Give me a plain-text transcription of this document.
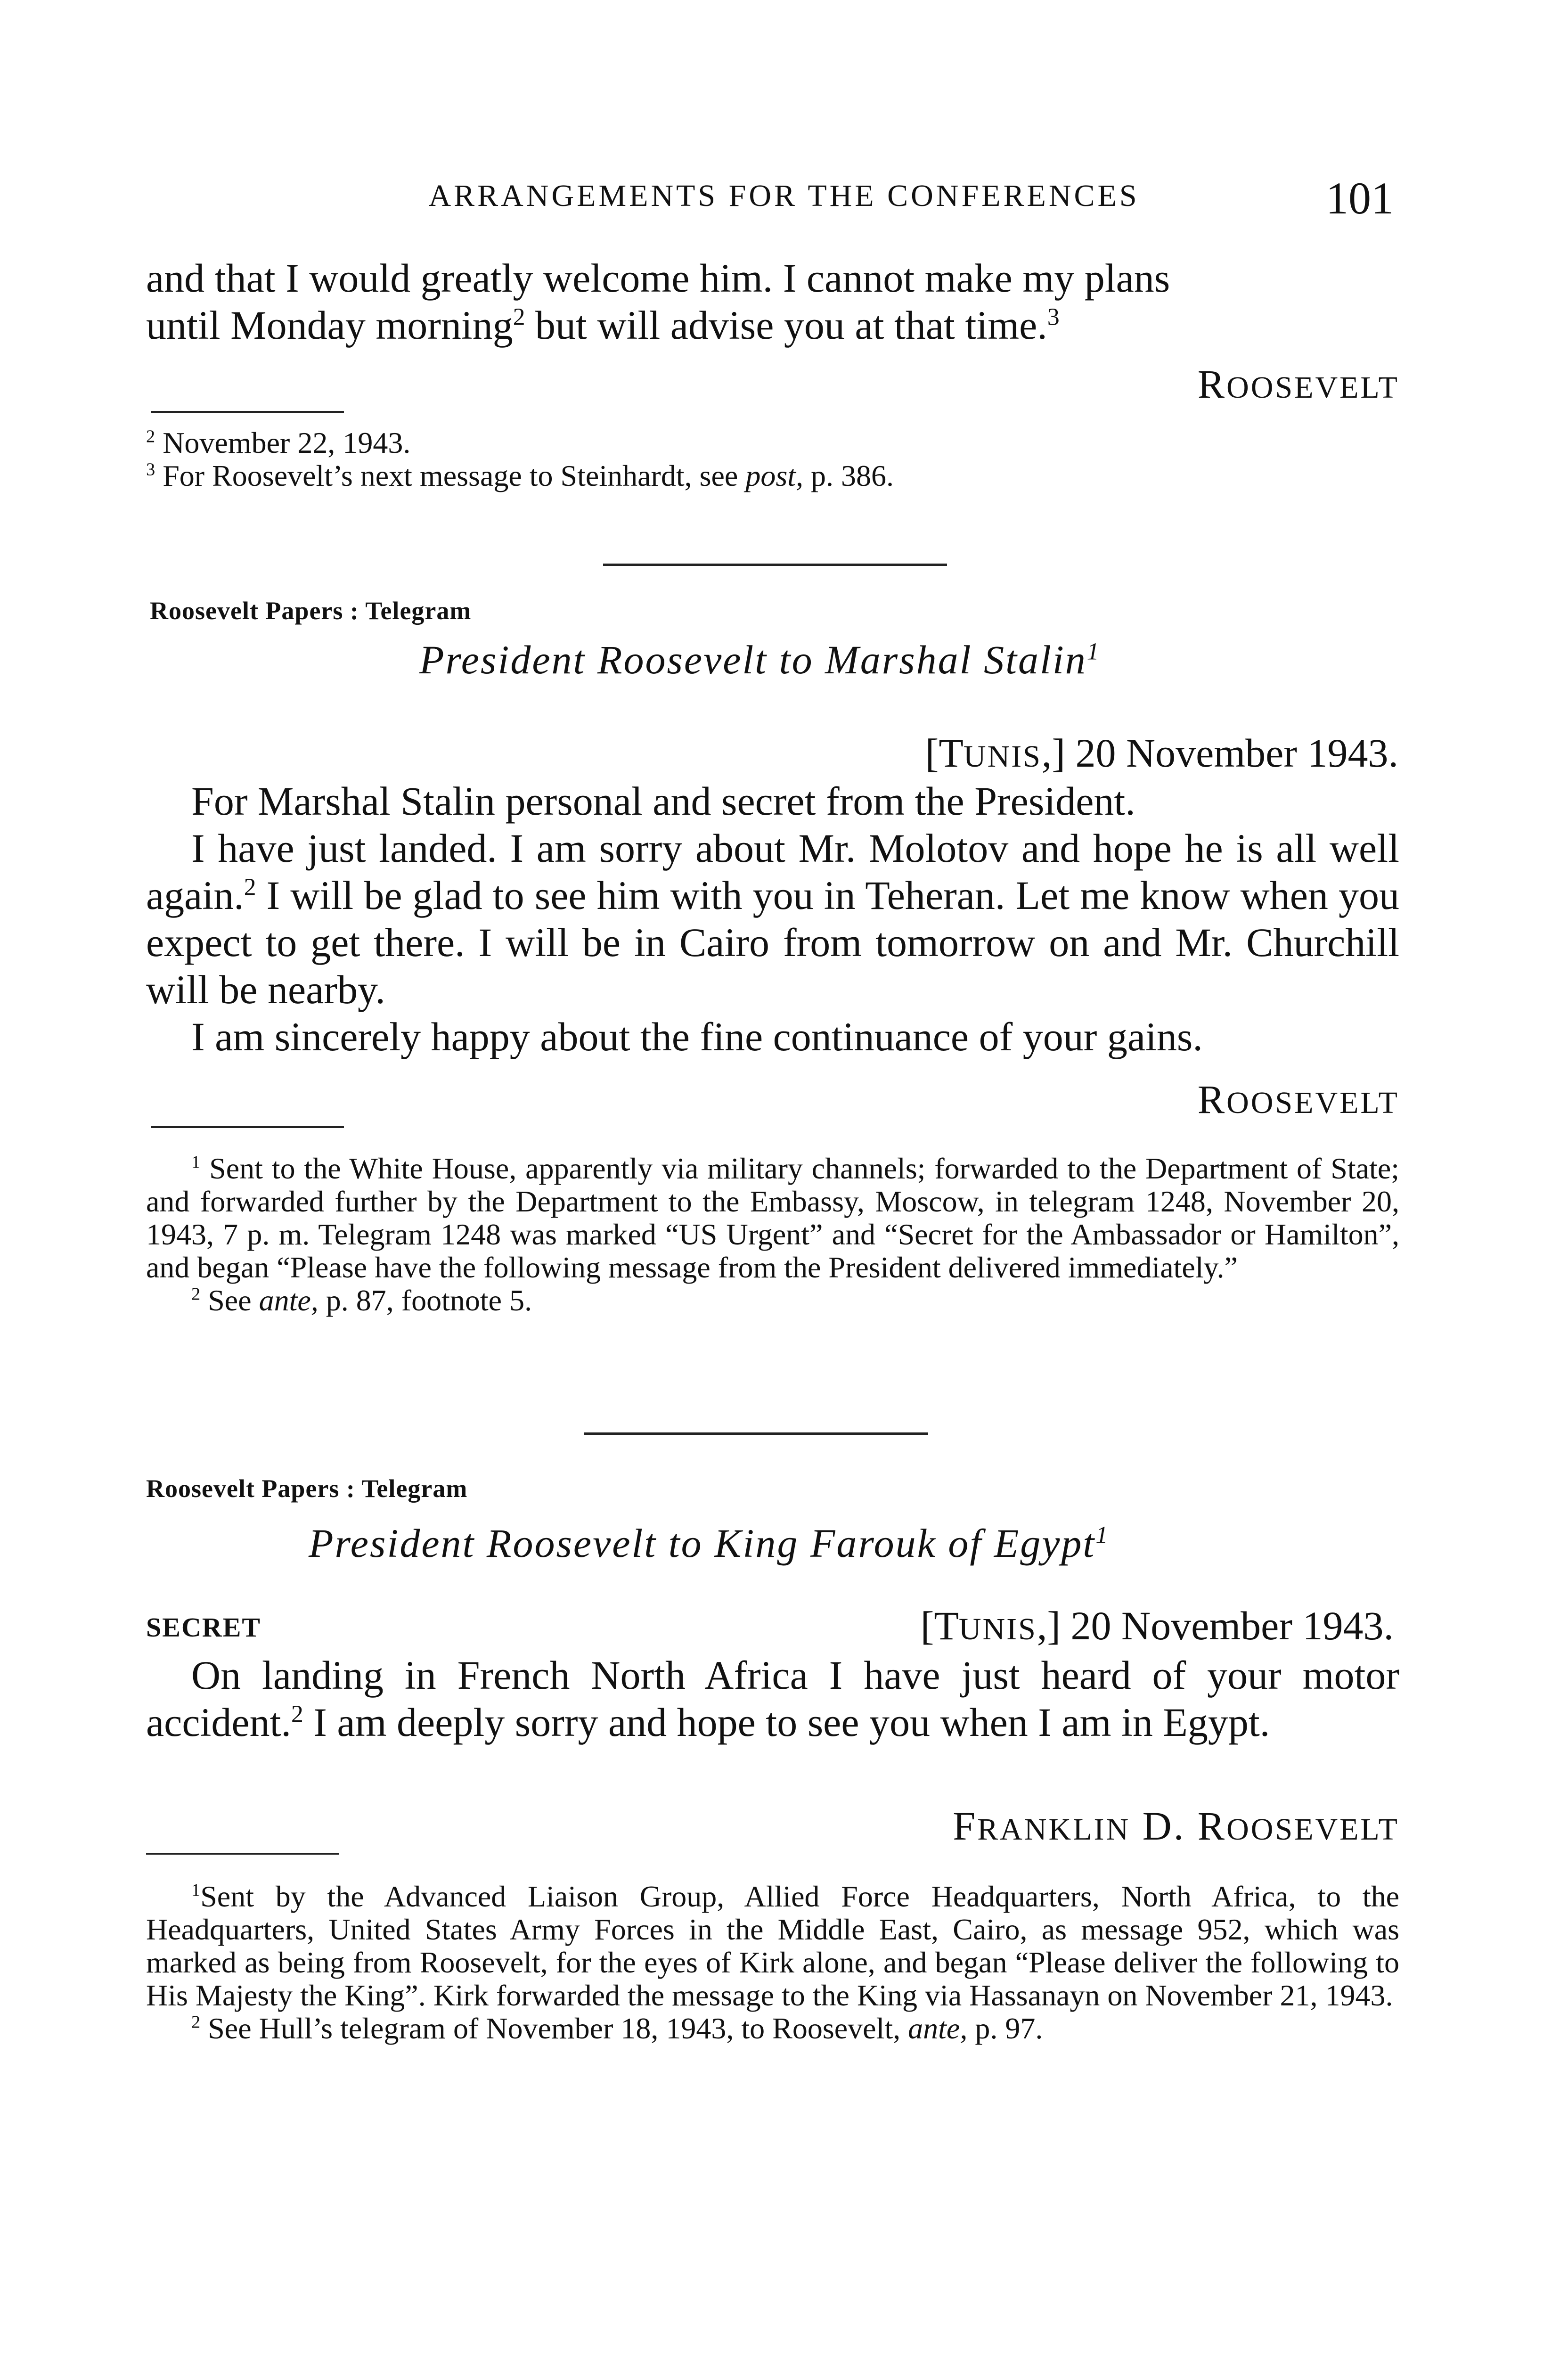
ARRANGEMENTS FOR THE CONFERENCES	101

and that I would greatly welcome him. I cannot make my plans

until Monday morning$^2$ but will advise you at that time.$^3$

ROOSEVELT

$^2$ November 22, 1943.

$^3$ For Roosevelt’s next message to Steinhardt, see post, p. 386.

Roosevelt Papers : Telegram
President Roosevelt to Marshal Stalin$^1$
[TUNIS,] 20 November 1943.

For Marshal Stalin personal and secret from the President.

I have just landed. I am sorry about Mr. Molotov and hope he is all well again.$^2$ I will be glad to see him with you in Teheran. Let me know when you expect to get there. I will be in Cairo from tomorrow on and Mr. Churchill will be nearby.

I am sincerely happy about the fine continuance of your gains.

ROOSEVELT

$^1$ Sent to the White House, apparently via military channels; forwarded to the Department of State; and forwarded further by the Department to the Embassy, Moscow, in telegram 1248, November 20, 1943, 7 p. m. Telegram 1248 was marked “US Urgent” and “Secret for the Ambassador or Hamilton”, and began “Please have the following message from the President delivered immediately.”

$^2$ See ante, p. 87, footnote 5.

Roosevelt Papers : Telegram
President Roosevelt to King Farouk of Egypt$^1$
SECRET	[TUNIS,] 20 November 1943.

On landing in French North Africa I have just heard of your motor accident.$^2$ I am deeply sorry and hope to see you when I am in Egypt.

FRANKLIN D. ROOSEVELT

$^1$Sent by the Advanced Liaison Group, Allied Force Headquarters, North Africa, to the Headquarters, United States Army Forces in the Middle East, Cairo, as message 952, which was marked as being from Roosevelt, for the eyes of Kirk alone, and began “Please deliver the following to His Majesty the King”. Kirk forwarded the message to the King via Hassanayn on November 21, 1943.

$^2$ See Hull’s telegram of November 18, 1943, to Roosevelt, ante, p. 97.
